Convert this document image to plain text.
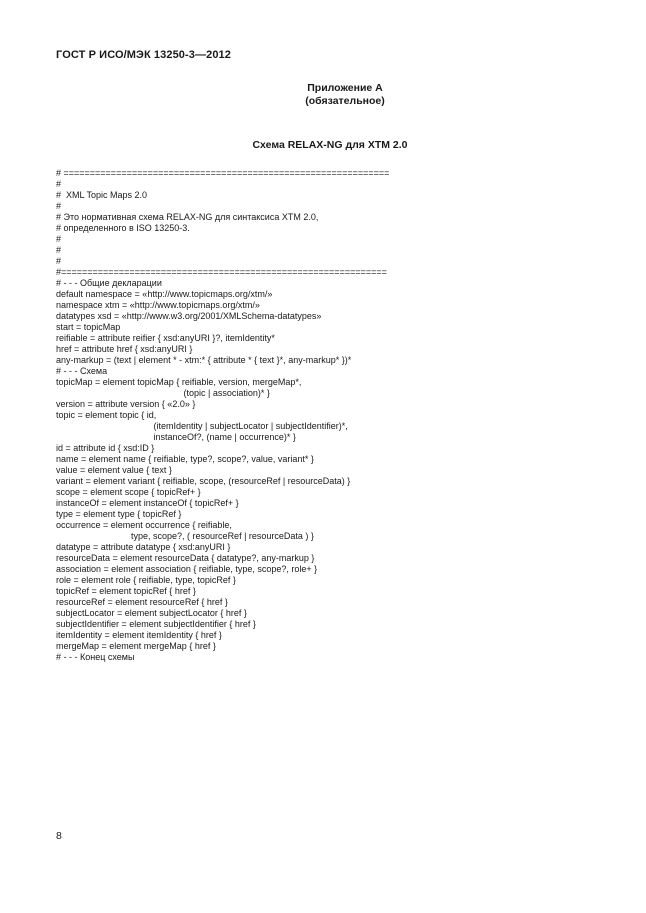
ГОСТ Р ИСО/МЭК 13250-3—2012
Приложение А
(обязательное)
Схема RELAX-NG для XTM 2.0
# ==============================================================
#
#  XML Topic Maps 2.0
#
# Это нормативная схема RELAX-NG для синтаксиса XTM 2.0,
# определенного в ISO 13250-3.
#
#
#
#==============================================================
# - - - Общие декларации
default namespace = «http://www.topicmaps.org/xtm/»
namespace xtm = «http://www.topicmaps.org/xtm/»
datatypes xsd = «http://www.w3.org/2001/XMLSchema-datatypes»
start = topicMap
reifiable = attribute reifier { xsd:anyURI }?, itemIdentity*
href = attribute href { xsd:anyURI }
any-markup = (text | element * - xtm:* { attribute * { text }*, any-markup* })*
# - - - Схема
topicMap = element topicMap { reifiable, version, mergeMap*,
(topic | association)* }
version = attribute version { «2.0» }
topic = element topic { id,
(itemIdentity | subjectLocator | subjectIdentifier)*,
instanceOf?, (name | occurrence)* }
id = attribute id { xsd:ID }
name = element name { reifiable, type?, scope?, value, variant* }
value = element value { text }
variant = element variant { reifiable, scope, (resourceRef | resourceData) }
scope = element scope { topicRef+ }
instanceOf = element instanceOf { topicRef+ }
type = element type { topicRef }
occurrence = element occurrence { reifiable,
type, scope?, ( resourceRef | resourceData ) }
datatype = attribute datatype { xsd:anyURI }
resourceData = element resourceData { datatype?, any-markup }
association = element association { reifiable, type, scope?, role+ }
role = element role { reifiable, type, topicRef }
topicRef = element topicRef { href }
resourceRef = element resourceRef { href }
subjectLocator = element subjectLocator { href }
subjectIdentifier = element subjectIdentifier { href }
itemIdentity = element itemIdentity { href }
mergeMap = element mergeMap { href }
# - - - Конец схемы
8
